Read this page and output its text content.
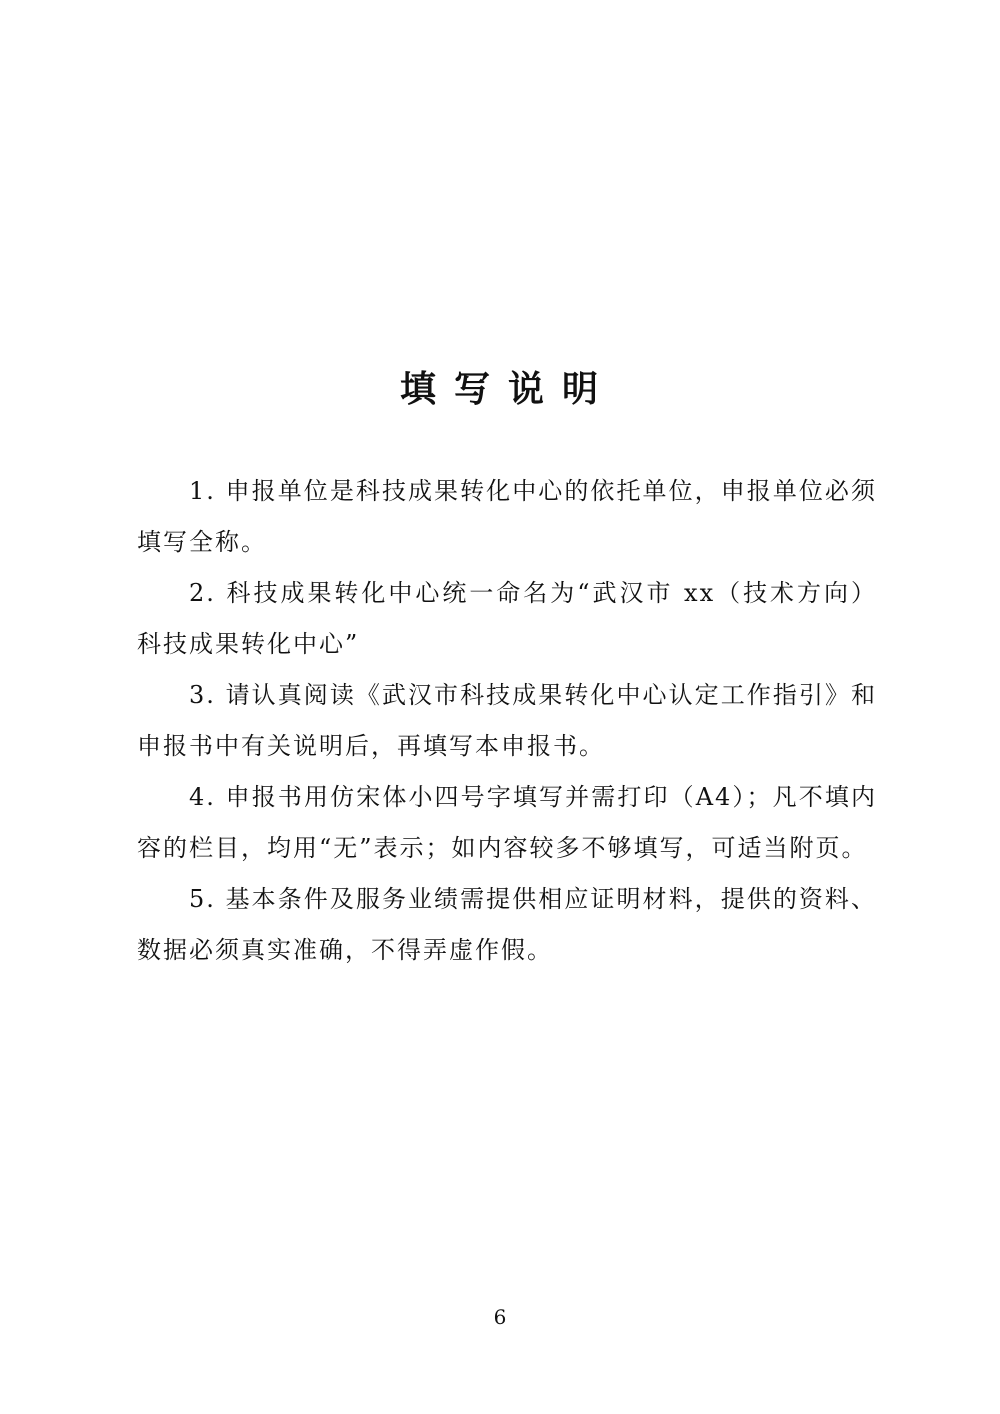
填写说明

1. 申报单位是科技成果转化中心的依托单位，申报单位必须填写全称。

2. 科技成果转化中心统一命名为“武汉市 xx（技术方向）科技成果转化中心”

3. 请认真阅读《武汉市科技成果转化中心认定工作指引》和申报书中有关说明后，再填写本申报书。

4. 申报书用仿宋体小四号字填写并需打印（A4）；凡不填内容的栏目，均用“无”表示；如内容较多不够填写，可适当附页。

5. 基本条件及服务业绩需提供相应证明材料，提供的资料、数据必须真实准确，不得弄虚作假。

6
